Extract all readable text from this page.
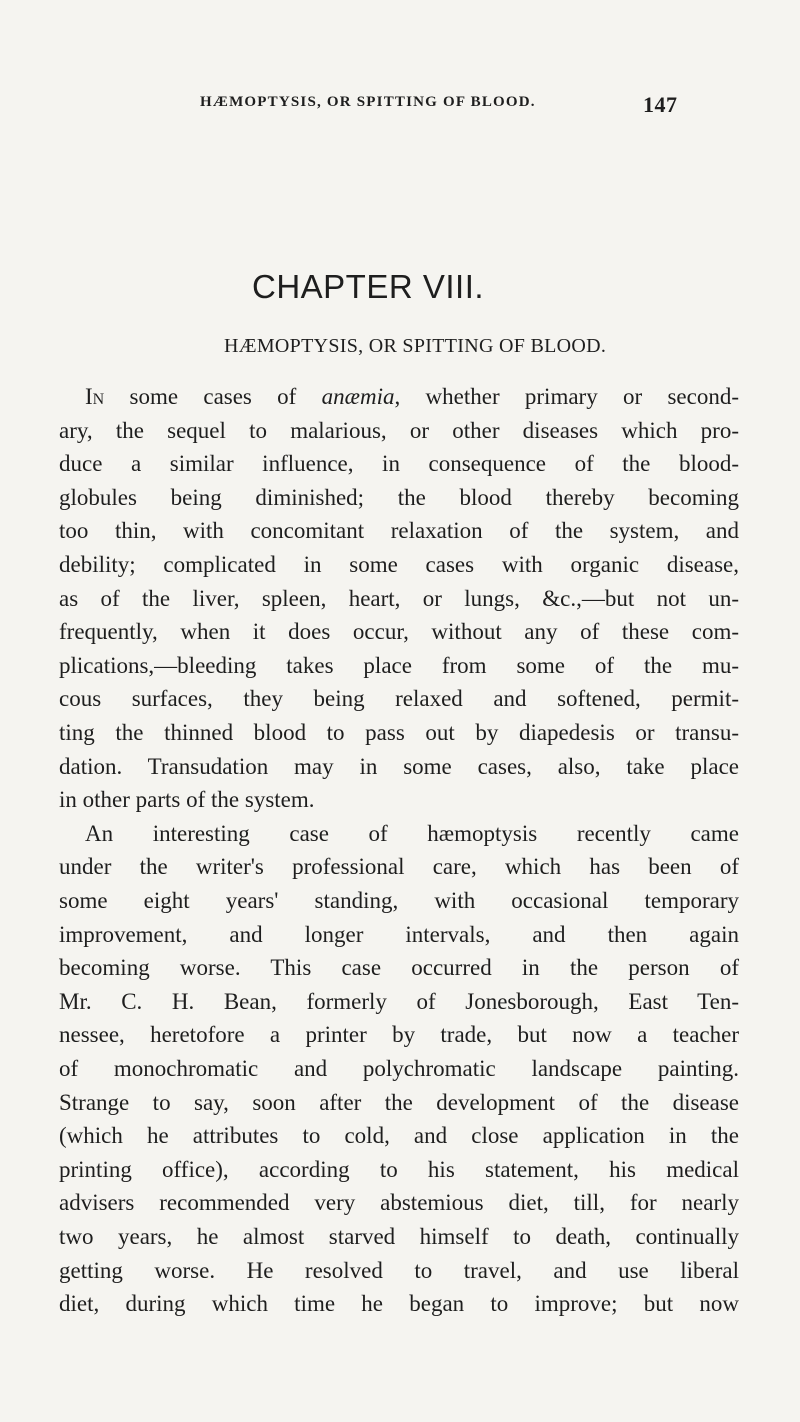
HÆMOPTYSIS, OR SPITTING OF BLOOD.	147
CHAPTER VIII.
HÆMOPTYSIS, OR SPITTING OF BLOOD.
In some cases of anæmia, whether primary or second-
ary, the sequel to malarious, or other diseases which pro-
duce a similar influence, in consequence of the blood-
globules being diminished; the blood thereby becoming
too thin, with concomitant relaxation of the system, and
debility; complicated in some cases with organic disease,
as of the liver, spleen, heart, or lungs, &c.,—but not un-
frequently, when it does occur, without any of these com-
plications,—bleeding takes place from some of the mu-
cous surfaces, they being relaxed and softened, permit-
ting the thinned blood to pass out by diapedesis or transu-
dation. Transudation may in some cases, also, take place
in other parts of the system.
An interesting case of hæmoptysis recently came
under the writer's professional care, which has been of
some eight years' standing, with occasional temporary
improvement, and longer intervals, and then again
becoming worse. This case occurred in the person of
Mr. C. H. Bean, formerly of Jonesborough, East Ten-
nessee, heretofore a printer by trade, but now a teacher
of monochromatic and polychromatic landscape painting.
Strange to say, soon after the development of the disease
(which he attributes to cold, and close application in the
printing office), according to his statement, his medical
advisers recommended very abstemious diet, till, for nearly
two years, he almost starved himself to death, continually
getting worse. He resolved to travel, and use liberal
diet, during which time he began to improve; but now
